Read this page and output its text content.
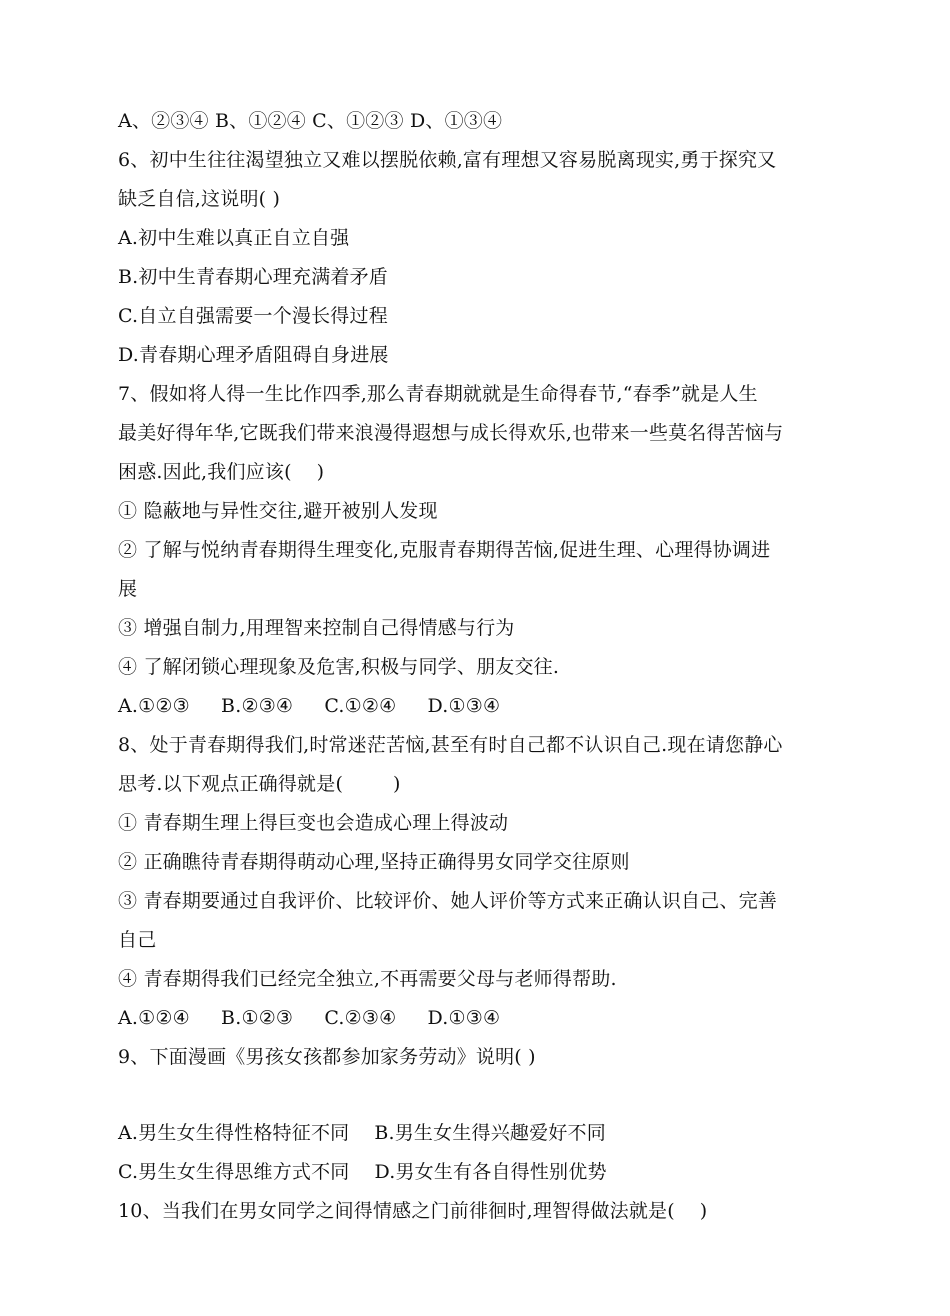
A、②③④ B、①②④ C、①②③ D、①③④
6、初中生往往渴望独立又难以摆脱依赖,富有理想又容易脱离现实,勇于探究又
缺乏自信,这说明( )
A.初中生难以真正自立自强
B.初中生青春期心理充满着矛盾
C.自立自强需要一个漫长得过程
D.青春期心理矛盾阻碍自身进展
7、假如将人得一生比作四季,那么青春期就就是生命得春节,“春季”就是人生
最美好得年华,它既我们带来浪漫得遐想与成长得欢乐,也带来一些莫名得苦恼与
困惑.因此,我们应该(    )
① 隐蔽地与异性交往,避开被别人发现
② 了解与悦纳青春期得生理变化,克服青春期得苦恼,促进生理、心理得协调进
展
③ 增强自制力,用理智来控制自己得情感与行为
④ 了解闭锁心理现象及危害,积极与同学、朋友交往.
A.①②③     B.②③④     C.①②④     D.①③④
8、处于青春期得我们,时常迷茫苦恼,甚至有时自己都不认识自己.现在请您静心
思考.以下观点正确得就是(        )
① 青春期生理上得巨变也会造成心理上得波动
② 正确瞧待青春期得萌动心理,坚持正确得男女同学交往原则
③ 青春期要通过自我评价、比较评价、她人评价等方式来正确认识自己、完善
自己
④ 青春期得我们已经完全独立,不再需要父母与老师得帮助.
A.①②④     B.①②③     C.②③④     D.①③④
9、下面漫画《男孩女孩都参加家务劳动》说明( )
A.男生女生得性格特征不同    B.男生女生得兴趣爱好不同
C.男生女生得思维方式不同    D.男女生有各自得性别优势
10、当我们在男女同学之间得情感之门前徘徊时,理智得做法就是(    )
